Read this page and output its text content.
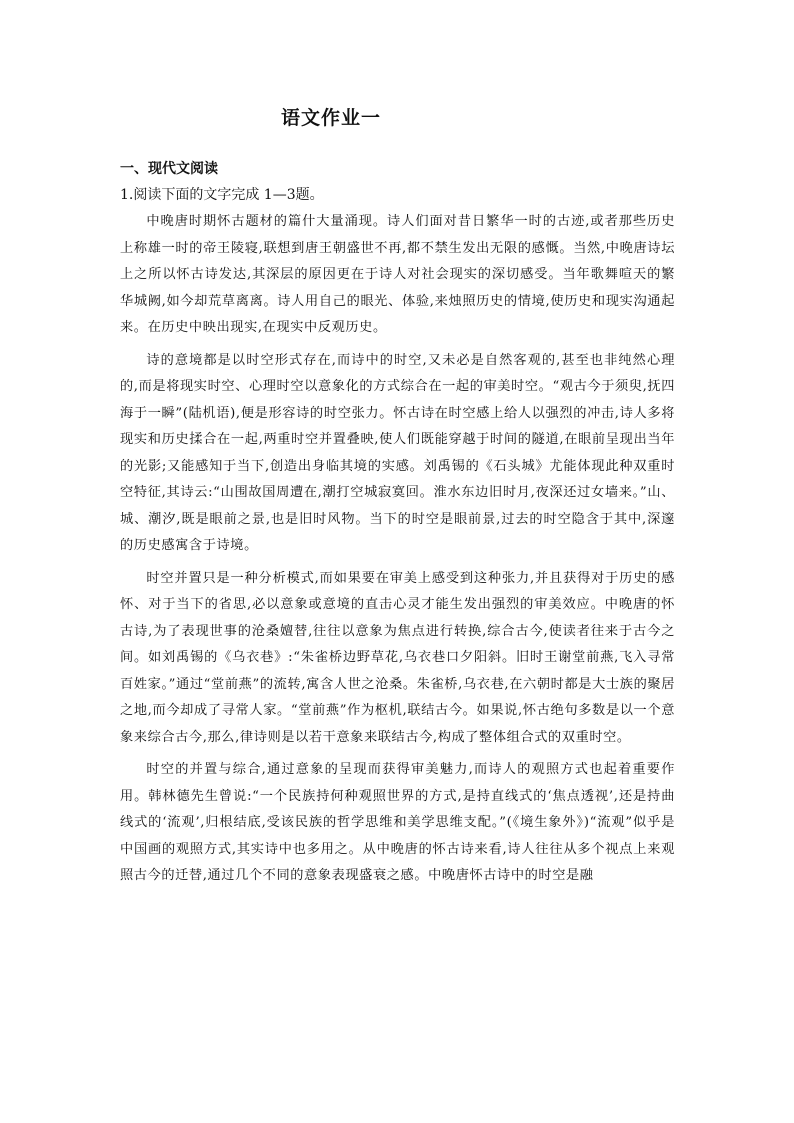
语文作业一
一、现代文阅读

1.阅读下面的文字完成 1—3题。

中晚唐时期怀古题材的篇什大量涌现。诗人们面对昔日繁华一时的古迹,或者那些历史上称雄一时的帝王陵寝,联想到唐王朝盛世不再,都不禁生发出无限的感慨。当然,中晚唐诗坛上之所以怀古诗发达,其深层的原因更在于诗人对社会现实的深切感受。当年歌舞喧天的繁华城阙,如今却荒草离离。诗人用自己的眼光、体验,来烛照历史的情境,使历史和现实沟通起来。在历史中映出现实,在现实中反观历史。

诗的意境都是以时空形式存在,而诗中的时空,又未必是自然客观的,甚至也非纯然心理的,而是将现实时空、心理时空以意象化的方式综合在一起的审美时空。“观古今于须臾,抚四海于一瞬”(陆机语),便是形容诗的时空张力。怀古诗在时空感上给人以强烈的冲击,诗人多将现实和历史揉合在一起,两重时空并置叠映,使人们既能穿越于时间的隧道,在眼前呈现出当年的光影;又能感知于当下,创造出身临其境的实感。刘禹锡的《石头城》尤能体现此种双重时空特征,其诗云:“山围故国周遭在,潮打空城寂寞回。淮水东边旧时月,夜深还过女墙来。”山、城、潮汐,既是眼前之景,也是旧时风物。当下的时空是眼前景,过去的时空隐含于其中,深邃的历史感寓含于诗境。

时空并置只是一种分析模式,而如果要在审美上感受到这种张力,并且获得对于历史的感怀、对于当下的省思,必以意象或意境的直击心灵才能生发出强烈的审美效应。中晚唐的怀古诗,为了表现世事的沧桑嬗替,往往以意象为焦点进行转换,综合古今,使读者往来于古今之间。如刘禹锡的《乌衣巷》:“朱雀桥边野草花,乌衣巷口夕阳斜。旧时王谢堂前燕,飞入寻常百姓家。”通过“堂前燕”的流转,寓含人世之沧桑。朱雀桥,乌衣巷,在六朝时都是大士族的聚居之地,而今却成了寻常人家。“堂前燕”作为枢机,联结古今。如果说,怀古绝句多数是以一个意象来综合古今,那么,律诗则是以若干意象来联结古今,构成了整体组合式的双重时空。

时空的并置与综合,通过意象的呈现而获得审美魅力,而诗人的观照方式也起着重要作用。韩林德先生曾说:“一个民族持何种观照世界的方式,是持直线式的‘焦点透视’,还是持曲线式的‘流观’,归根结底,受该民族的哲学思维和美学思维支配。”(《境生象外》)“流观”似乎是中国画的观照方式,其实诗中也多用之。从中晚唐的怀古诗来看,诗人往往从多个视点上来观照古今的迁替,通过几个不同的意象表现盛衰之感。中晚唐怀古诗中的时空是融
